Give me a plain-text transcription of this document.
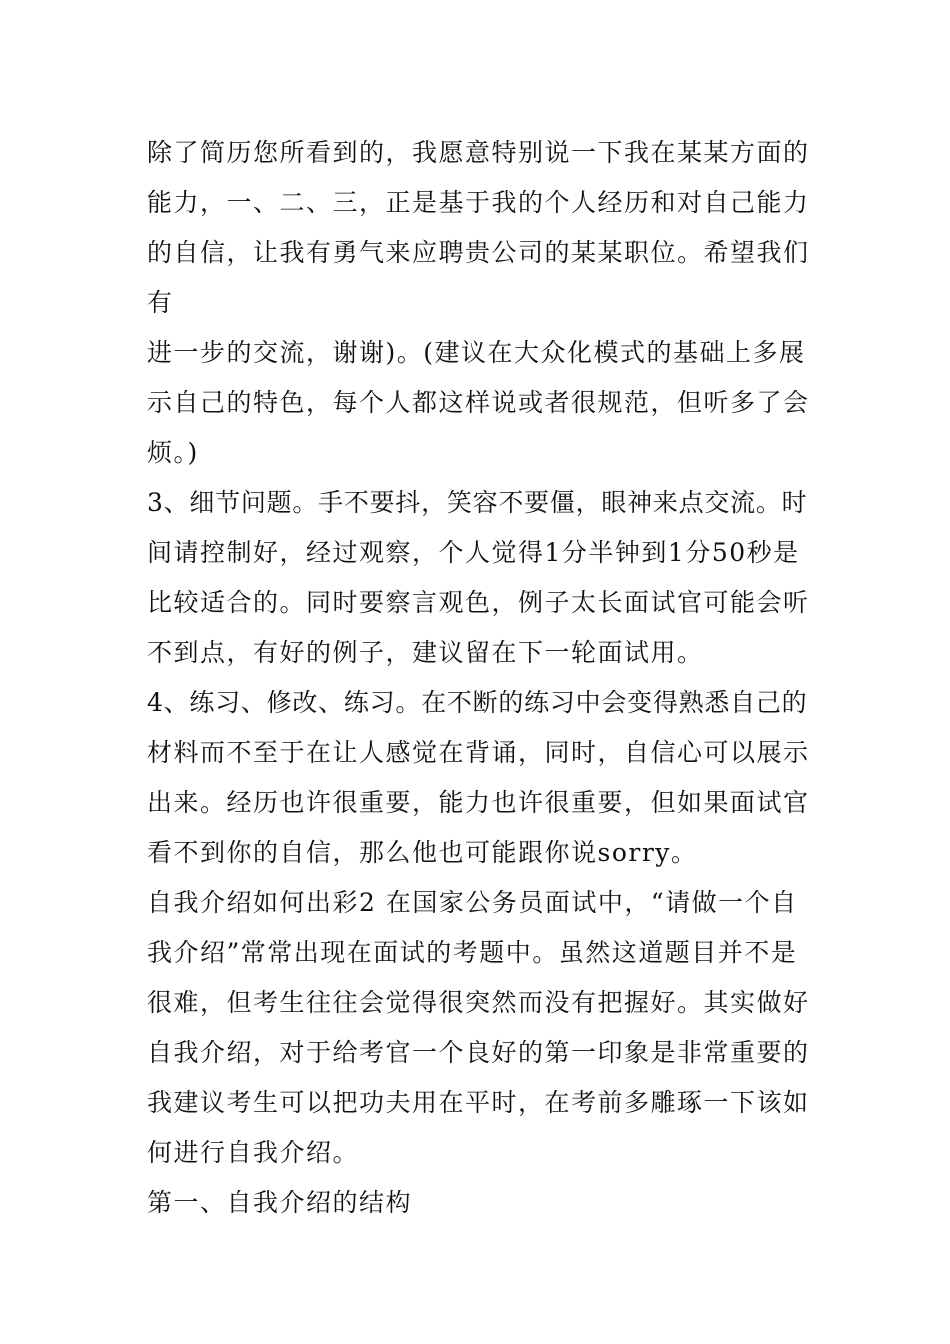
除了简历您所看到的，我愿意特别说一下我在某某方面的
能力，一、二、三，正是基于我的个人经历和对自己能力
的自信，让我有勇气来应聘贵公司的某某职位。希望我们
有
进一步的交流，谢谢)。(建议在大众化模式的基础上多展
示自己的特色，每个人都这样说或者很规范，但听多了会
烦。)
3、细节问题。手不要抖，笑容不要僵，眼神来点交流。时
间请控制好，经过观察，个人觉得1分半钟到1分50秒是
比较适合的。同时要察言观色，例子太长面试官可能会听
不到点，有好的例子，建议留在下一轮面试用。
4、练习、修改、练习。在不断的练习中会变得熟悉自己的
材料而不至于在让人感觉在背诵，同时，自信心可以展示
出来。经历也许很重要，能力也许很重要，但如果面试官
看不到你的自信，那么他也可能跟你说sorry。
自我介绍如何出彩2 在国家公务员面试中，“请做一个自
我介绍”常常出现在面试的考题中。虽然这道题目并不是
很难，但考生往往会觉得很突然而没有把握好。其实做好
自我介绍，对于给考官一个良好的第一印象是非常重要的
我建议考生可以把功夫用在平时，在考前多雕琢一下该如
何进行自我介绍。
第一、自我介绍的结构
